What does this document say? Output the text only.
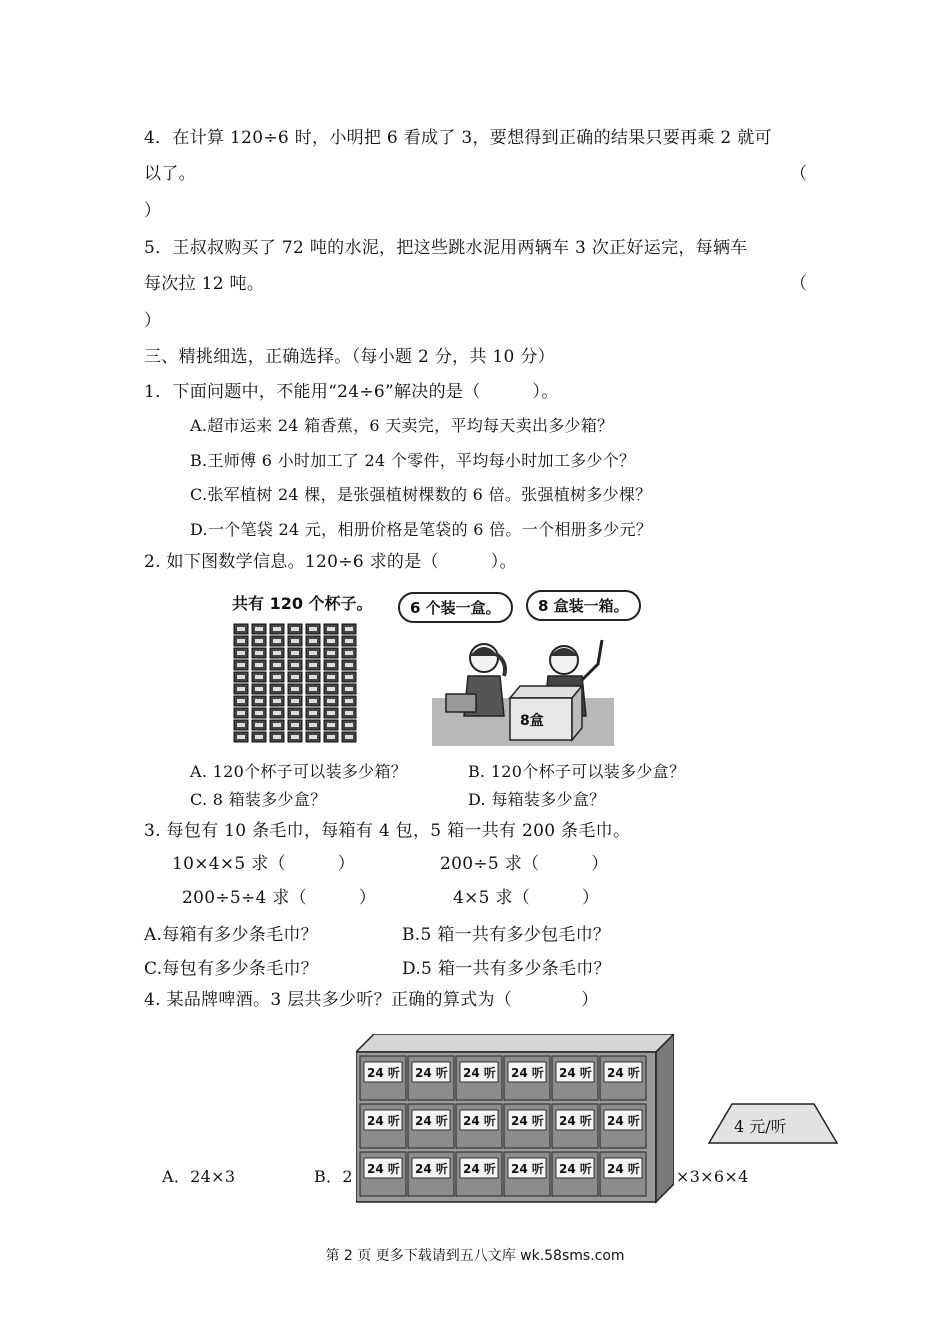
4．在计算 120÷6 时，小明把 6 看成了 3，要想得到正确的结果只要再乘 2 就可
以了。	（
）
5．王叔叔购买了 72 吨的水泥，把这些跳水泥用两辆车 3 次正好运完，每辆车
每次拉 12 吨。	（
）
三、精挑细选，正确选择。（每小题 2 分，共 10 分）
1．下面问题中，不能用“24÷6”解决的是（　　　）。
A.超市运来 24 箱香蕉，6 天卖完，平均每天卖出多少箱？
B.王师傅 6 小时加工了 24 个零件，平均每小时加工多少个？
C.张军植树 24 棵，是张强植树棵数的 6 倍。张强植树多少棵？
D.一个笔袋 24 元，相册价格是笔袋的 6 倍。一个相册多少元？
2. 如下图数学信息。120÷6 求的是（　　　）。
共有 120 个杯子。	6 个装一盒。	8 盒装一箱。
8盒
A. 120个杯子可以装多少箱？	B. 120个杯子可以装多少盒？
C. 8 箱装多少盒？	D. 每箱装多少盒？
3. 每包有 10 条毛巾，每箱有 4 包，5 箱一共有 200 条毛巾。
10×4×5 求（　　　）	200÷5 求（　　　）
200÷5÷4 求（　　　）	4×5 求（　　　）
A.每箱有多少条毛巾？	B.5 箱一共有多少包毛巾？
C.每包有多少条毛巾？	D.5 箱一共有多少条毛巾？
4. 某品牌啤酒。3 层共多少听？正确的算式为（　　　　）
A．24×3	B．2	×3×6×4
24 听 24 听 24 听 24 听 24 听 24 听
24 听 24 听 24 听 24 听 24 听 24 听
24 听 24 听 24 听 24 听 24 听 24 听
4 元/听
第 2 页 更多下载请到五八文库 wk.58sms.com
